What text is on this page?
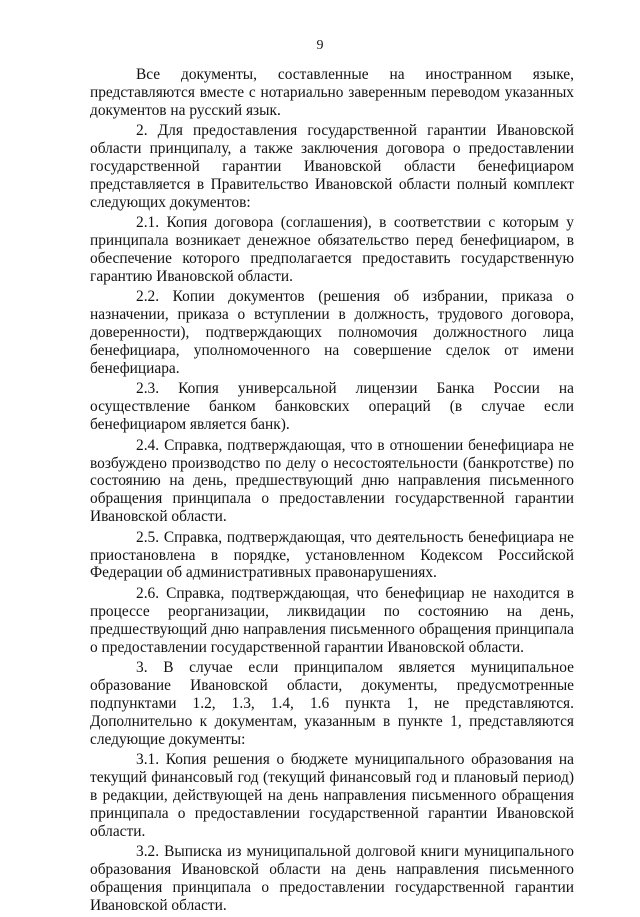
9

Все документы, составленные на иностранном языке, представляются вместе с нотариально заверенным переводом указанных документов на русский язык.

2. Для предоставления государственной гарантии Ивановской области принципалу, а также заключения договора о предоставлении государственной гарантии Ивановской области бенефициаром представляется в Правительство Ивановской области полный комплект следующих документов:

2.1. Копия договора (соглашения), в соответствии с которым у принципала возникает денежное обязательство перед бенефициаром, в обеспечение которого предполагается предоставить государственную гарантию Ивановской области.

2.2. Копии документов (решения об избрании, приказа о назначении, приказа о вступлении в должность, трудового договора, доверенности), подтверждающих полномочия должностного лица бенефициара, уполномоченного на совершение сделок от имени бенефициара.

2.3. Копия универсальной лицензии Банка России на осуществление банком банковских операций (в случае если бенефициаром является банк).

2.4. Справка, подтверждающая, что в отношении бенефициара не возбуждено производство по делу о несостоятельности (банкротстве) по состоянию на день, предшествующий дню направления письменного обращения принципала о предоставлении государственной гарантии Ивановской области.

2.5. Справка, подтверждающая, что деятельность бенефициара не приостановлена в порядке, установленном Кодексом Российской Федерации об административных правонарушениях.

2.6. Справка, подтверждающая, что бенефициар не находится в процессе реорганизации, ликвидации по состоянию на день, предшествующий дню направления письменного обращения принципала о предоставлении государственной гарантии Ивановской области.

3. В случае если принципалом является муниципальное образование Ивановской области, документы, предусмотренные подпунктами 1.2, 1.3, 1.4, 1.6 пункта 1, не представляются. Дополнительно к документам, указанным в пункте 1, представляются следующие документы:

3.1. Копия решения о бюджете муниципального образования на текущий финансовый год (текущий финансовый год и плановый период) в редакции, действующей на день направления письменного обращения принципала о предоставлении государственной гарантии Ивановской области.

3.2. Выписка из муниципальной долговой книги муниципального образования Ивановской области на день направления письменного обращения принципала о предоставлении государственной гарантии Ивановской области.
